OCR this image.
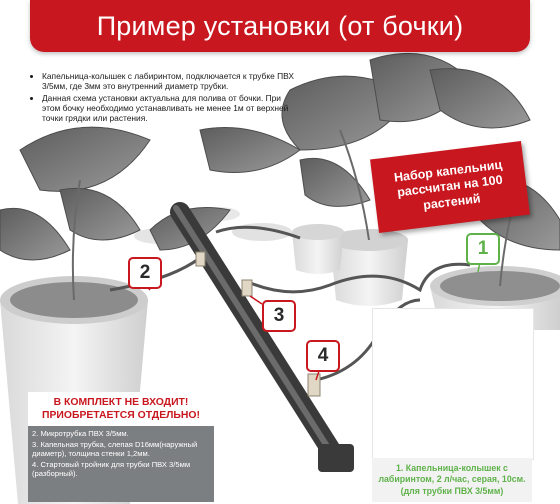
Пример установки (от бочки)
• Капельница-колышек с лабиринтом, подключается к трубке ПВХ 3/5мм, где 3мм это внутренний диаметр трубки.
• Данная схема установки актуальна для полива от бочки. При этом бочку необходимо устанавливать не менее 1м от верхней точки грядки или растения.
Набор капельниц рассчитан на 100 растений
1
2
3
4
В КОМПЛЕКТ НЕ ВХОДИТ! ПРИОБРЕТАЕТСЯ ОТДЕЛЬНО!
2. Микротрубка ПВХ 3/5мм.
3. Капельная трубка, слепая D16мм(наружный диаметр), толщина стенки 1,2мм.
4. Стартовый тройник для трубки ПВХ 3/5мм (разборный).
1. Капельница-колышек с лабиринтом, 2 л/час, серая, 10см. (для трубки ПВХ 3/5мм)
